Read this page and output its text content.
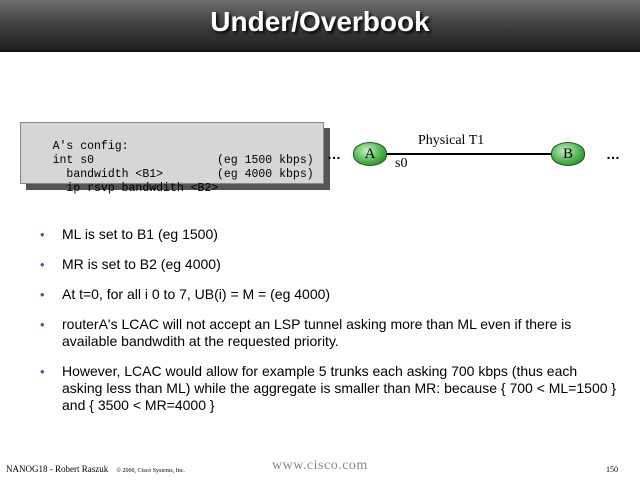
Under/Overbook

A's config:

int s0

bandwidth <B1>

(eg 1500 kbps)

ip rsvp bandwdith <B2>

(eg 4000 kbps)

…	A
s0
Physical T1
B	…
• ML is set to B1 (eg 1500)
• MR is set to B2 (eg 4000)
• At t=0, for all i 0 to 7, UB(i) = M = (eg 4000)
• routerA's LCAC will not accept an LSP tunnel asking more than ML even if there is available bandwdith at the requested priority.
• However, LCAC would allow for example 5 trunks each asking 700 kbps (thus each asking less than ML) while the aggregate is smaller than MR: because { 700 < ML=1500 } and { 3500 < MR=4000 }
NANOG18 - Robert Raszuk © 2000, Cisco Systems, Inc.	www.cisco.com	150
